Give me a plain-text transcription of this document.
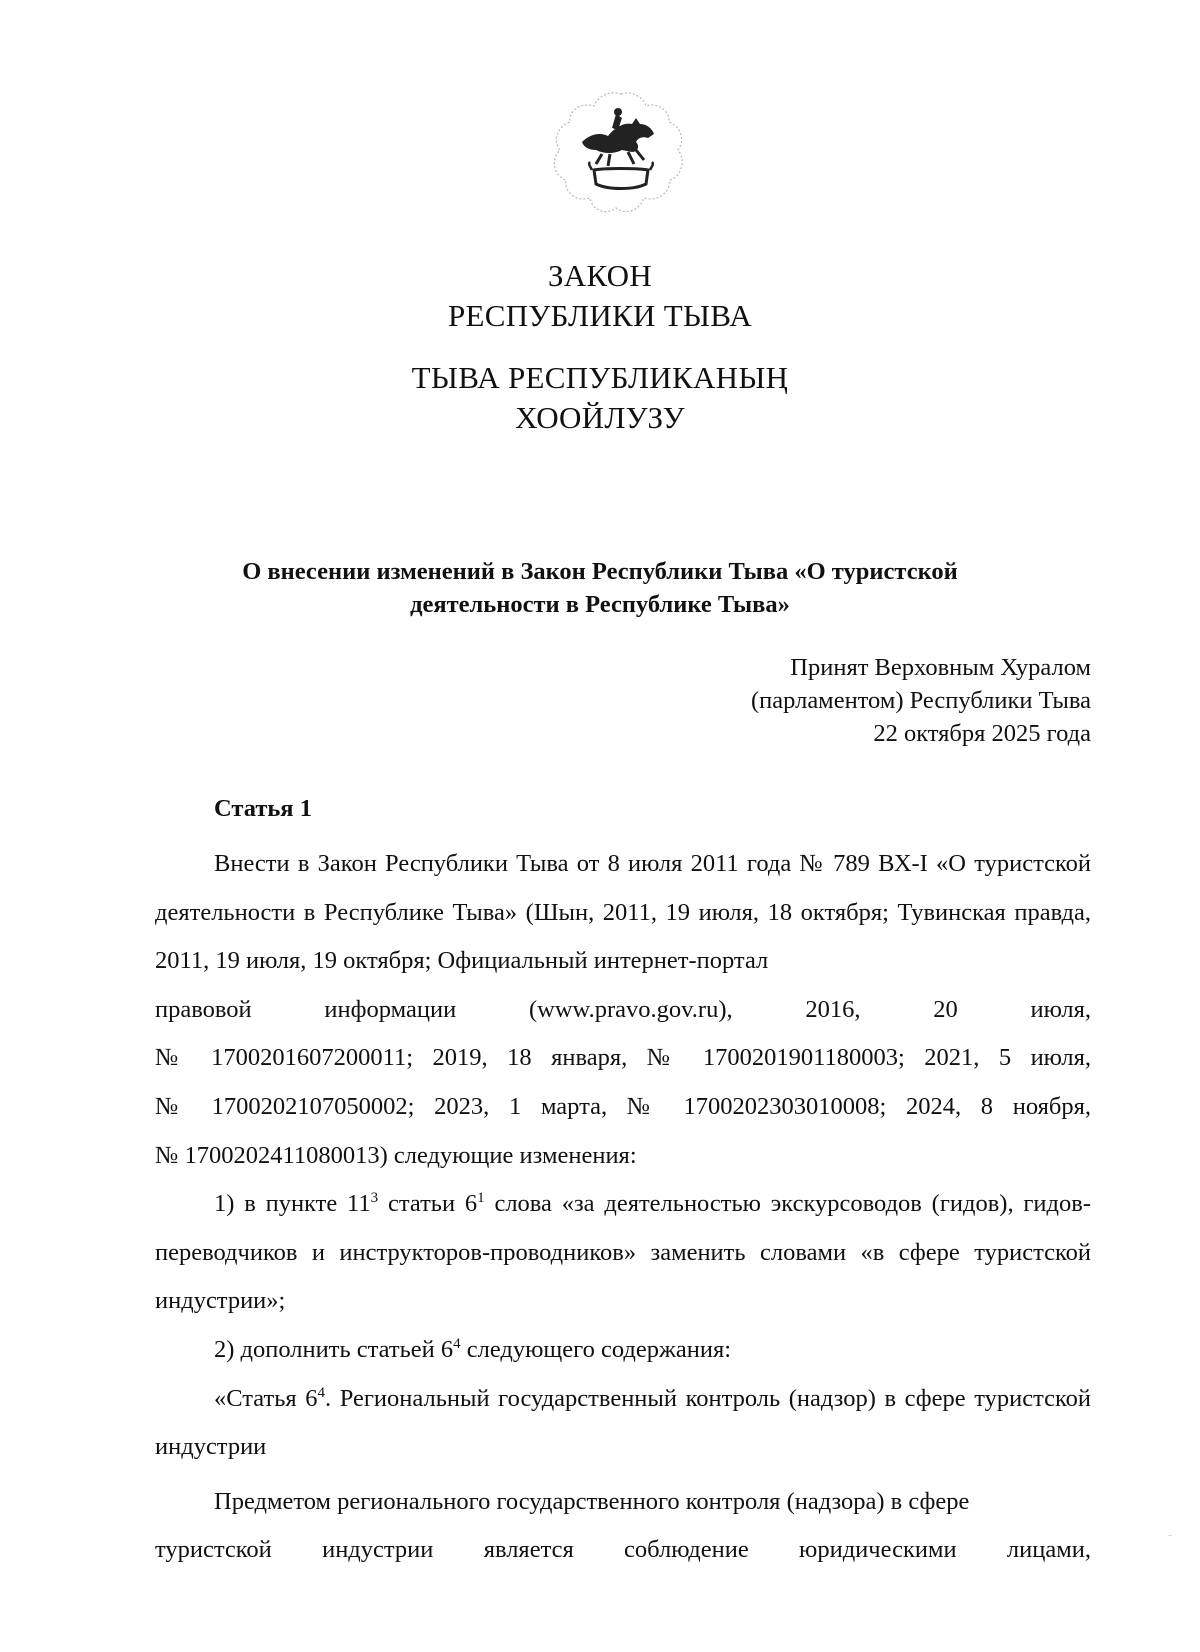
ЗАКОН
РЕСПУБЛИКИ ТЫВА
ТЫВА РЕСПУБЛИКАНЫҢ
ХООЙЛУЗУ
О внесении изменений в Закон Республики Тыва «О туристской
деятельности в Республике Тыва»
Принят Верховным Хуралом
(парламентом) Республики Тыва
22 октября 2025 года
Статья 1

Внести в Закон Республики Тыва от 8 июля 2011 года № 789 ВХ-I «О туристской деятельности в Республике Тыва» (Шын, 2011, 19 июля, 18 октября; Тувинская правда, 2011, 19 июля, 19 октября; Официальный интернет-портал
правовой информации (www.pravo.gov.ru), 2016, 20 июля,
№ 1700201607200011; 2019, 18 января, № 1700201901180003; 2021, 5 июля,
№ 1700202107050002; 2023, 1 марта, № 1700202303010008; 2024, 8 ноября,
№ 1700202411080013) следующие изменения:

1) в пункте $11^3$ статьи $6^1$ слова «за деятельностью экскурсоводов (гидов), гидов-переводчиков и инструкторов-проводников» заменить словами «в сфере туристской индустрии»;

2) дополнить статьей $6^4$ следующего содержания:

«Статья $6^4$. Региональный государственный контроль (надзор) в сфере туристской индустрии

Предметом регионального государственного контроля (надзора) в сфере
туристской индустрии является соблюдение юридическими лицами,
